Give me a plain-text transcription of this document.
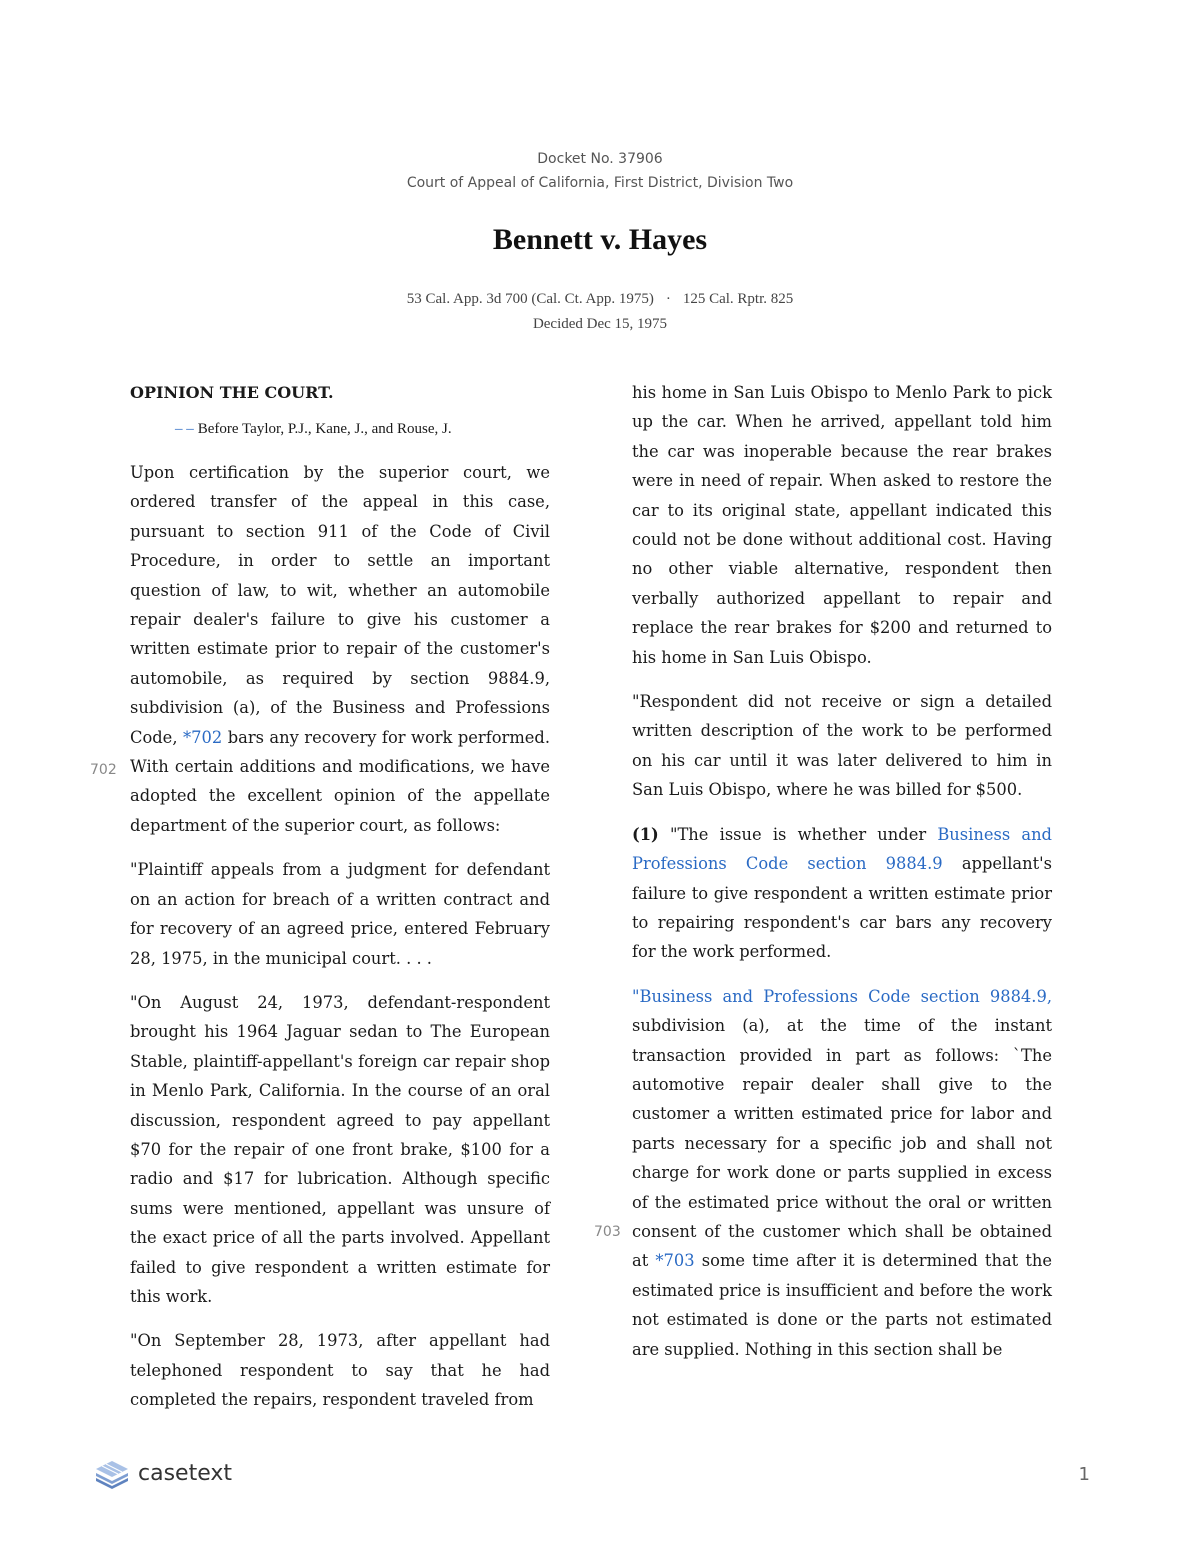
Docket No. 37906
Court of Appeal of California, First District, Division Two
Bennett v. Hayes
53 Cal. App. 3d 700 (Cal. Ct. App. 1975) · 125 Cal. Rptr. 825
Decided Dec 15, 1975
702
703
OPINION THE COURT.
– – Before Taylor, P.J., Kane, J., and Rouse, J.

Upon certification by the superior court, we ordered transfer of the appeal in this case, pursuant to section 911 of the Code of Civil Procedure, in order to settle an important question of law, to wit, whether an automobile repair dealer's failure to give his customer a written estimate prior to repair of the customer's automobile, as required by section 9884.9, subdivision (a), of the Business and Professions Code, *702 bars any recovery for work performed. With certain additions and modifications, we have adopted the excellent opinion of the appellate department of the superior court, as follows:

"Plaintiff appeals from a judgment for defendant on an action for breach of a written contract and for recovery of an agreed price, entered February 28, 1975, in the municipal court. . . .

"On August 24, 1973, defendant-respondent brought his 1964 Jaguar sedan to The European Stable, plaintiff-appellant's foreign car repair shop in Menlo Park, California. In the course of an oral discussion, respondent agreed to pay appellant $70 for the repair of one front brake, $100 for a radio and $17 for lubrication. Although specific sums were mentioned, appellant was unsure of the exact price of all the parts involved. Appellant failed to give respondent a written estimate for this work.

"On September 28, 1973, after appellant had telephoned respondent to say that he had completed the repairs, respondent traveled from

his home in San Luis Obispo to Menlo Park to pick up the car. When he arrived, appellant told him the car was inoperable because the rear brakes were in need of repair. When asked to restore the car to its original state, appellant indicated this could not be done without additional cost. Having no other viable alternative, respondent then verbally authorized appellant to repair and replace the rear brakes for $200 and returned to his home in San Luis Obispo.

"Respondent did not receive or sign a detailed written description of the work to be performed on his car until it was later delivered to him in San Luis Obispo, where he was billed for $500.

(1) "The issue is whether under Business and Professions Code section 9884.9 appellant's failure to give respondent a written estimate prior to repairing respondent's car bars any recovery for the work performed.

"Business and Professions Code section 9884.9, subdivision (a), at the time of the instant transaction provided in part as follows: `The automotive repair dealer shall give to the customer a written estimated price for labor and parts necessary for a specific job and shall not charge for work done or parts supplied in excess of the estimated price without the oral or written consent of the customer which shall be obtained at *703 some time after it is determined that the estimated price is insufficient and before the work not estimated is done or the parts not estimated are supplied. Nothing in this section shall be

casetext	1
